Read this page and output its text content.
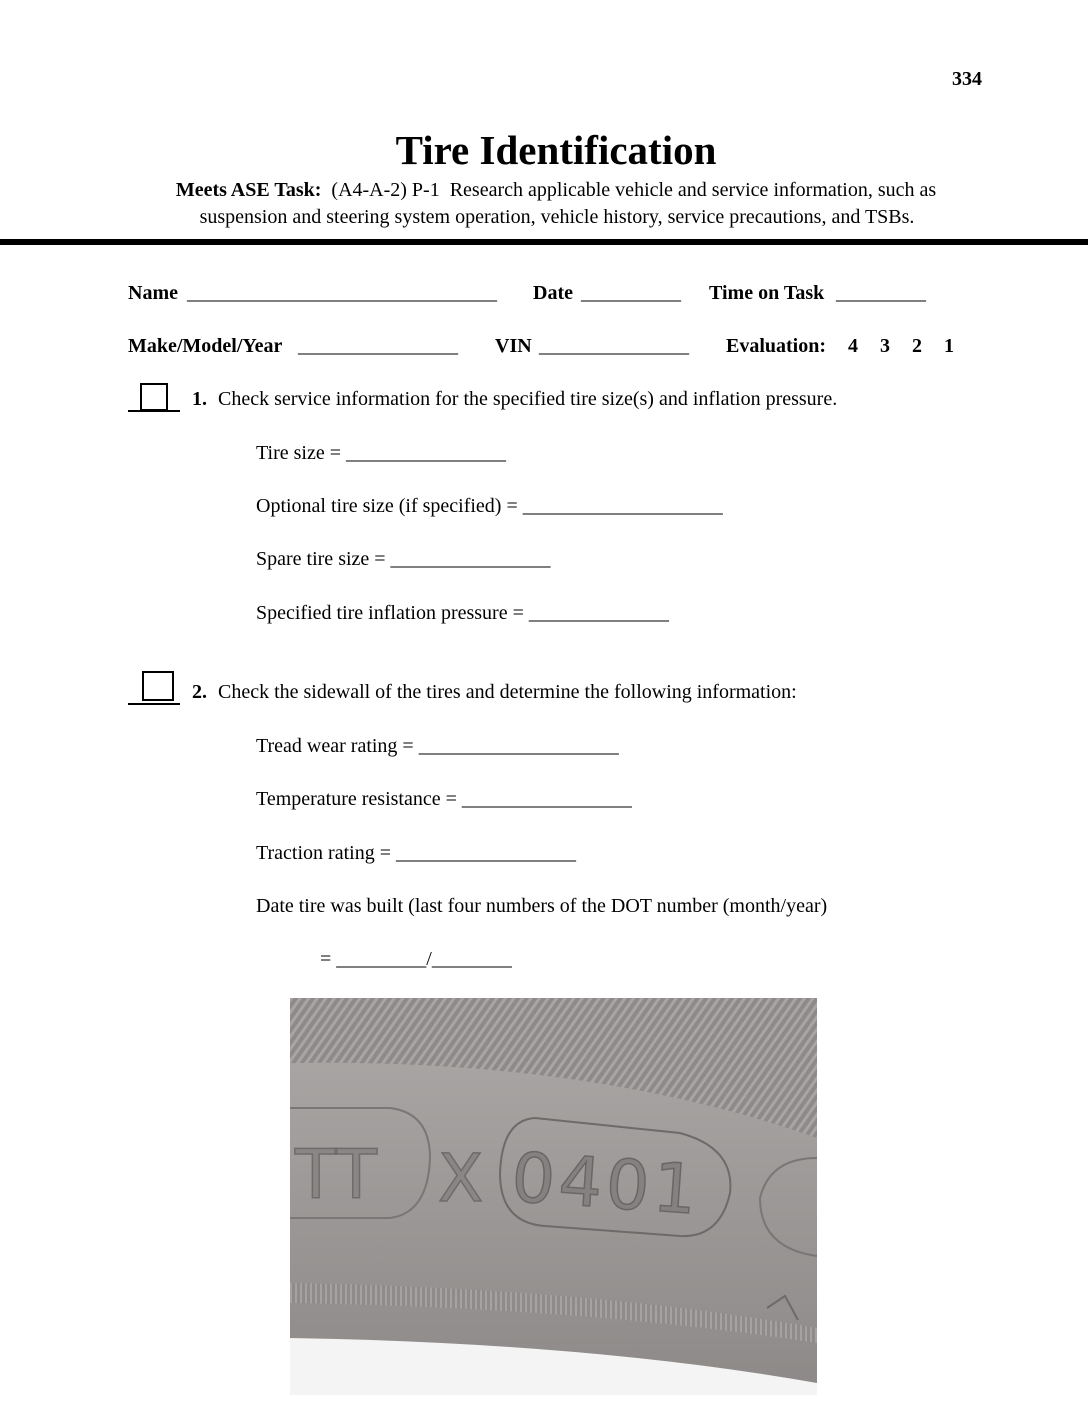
334
Tire Identification
Meets ASE Task: (A4-A-2) P-1  Research applicable vehicle and service information, such as
suspension and steering system operation, vehicle history, service precautions, and TSBs.
Name _______________________________ Date __________ Time on Task _________
Make/Model/Year ________________ VIN _______________ Evaluation: 4 3 2 1
1. Check service information for the specified tire size(s) and inflation pressure.
Tire size = ________________
Optional tire size (if specified) = ____________________
Spare tire size = ________________
Specified tire inflation pressure = ______________
2. Check the sidewall of the tires and determine the following information:
Tread wear rating = ____________________
Temperature resistance = _________________
Traction rating = __________________
Date tire was built (last four numbers of the DOT number (month/year)
= _________/________
TT X 0401
